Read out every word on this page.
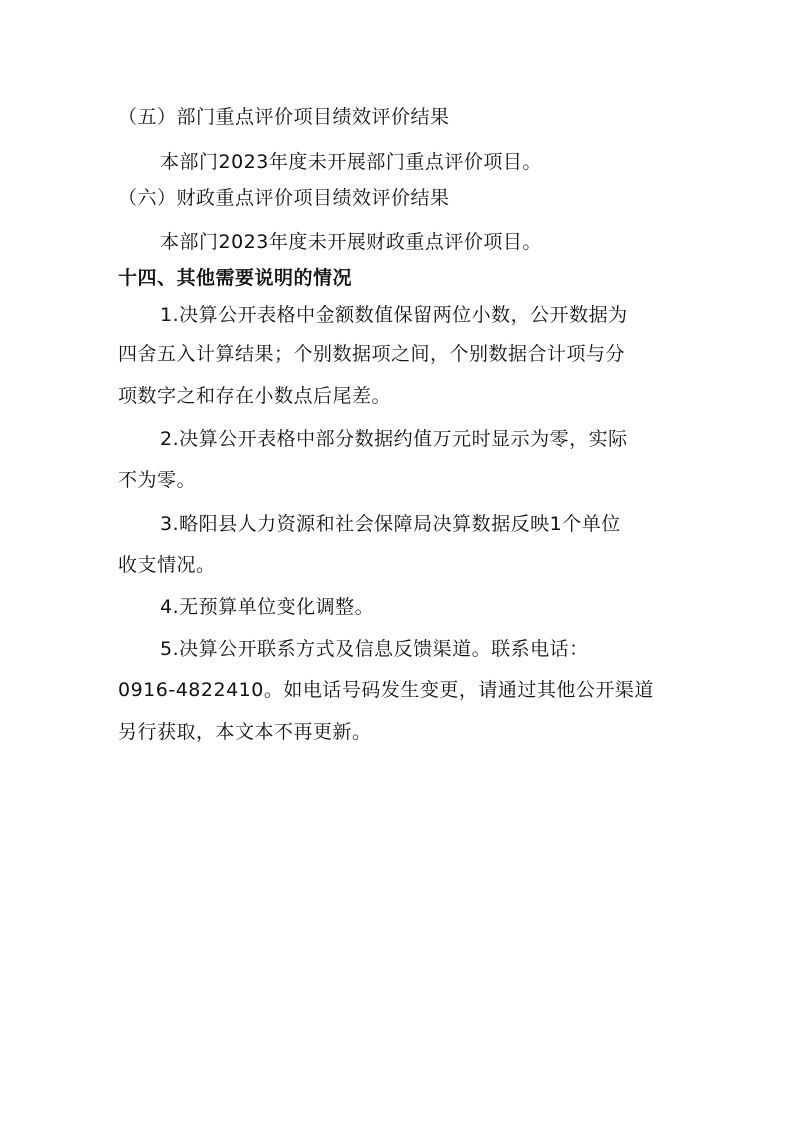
（五）部门重点评价项目绩效评价结果
本部门2023年度未开展部门重点评价项目。
（六）财政重点评价项目绩效评价结果
本部门2023年度未开展财政重点评价项目。
十四、其他需要说明的情况
1.决算公开表格中金额数值保留两位小数，公开数据为
四舍五入计算结果；个别数据项之间，个别数据合计项与分
项数字之和存在小数点后尾差。
2.决算公开表格中部分数据约值万元时显示为零，实际
不为零。
3.略阳县人力资源和社会保障局决算数据反映1个单位
收支情况。
4.无预算单位变化调整。
5.决算公开联系方式及信息反馈渠道。联系电话：
0916-4822410。如电话号码发生变更，请通过其他公开渠道
另行获取，本文本不再更新。
